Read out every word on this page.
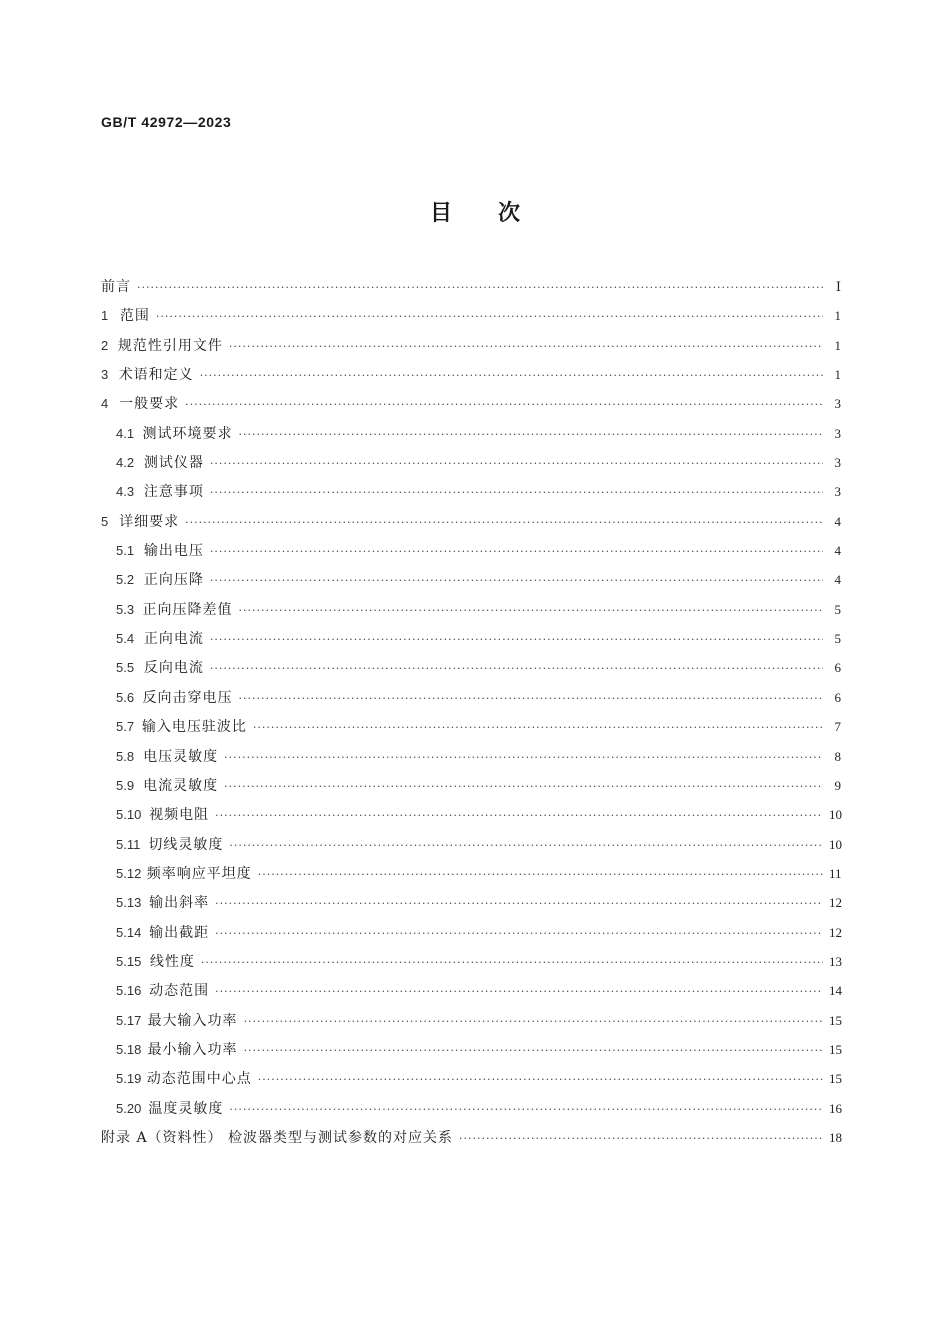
GB/T 42972—2023
目 次
前言 ·····	Ⅰ
1 范围 ·····	1
2 规范性引用文件 ·····	1
3 术语和定义 ·····	1
4 一般要求 ·····	3
4.1 测试环境要求 ·····	3
4.2 测试仪器 ·····	3
4.3 注意事项 ·····	3
5 详细要求 ·····	4
5.1 输出电压 ·····	4
5.2 正向压降 ·····	4
5.3 正向压降差值 ·····	5
5.4 正向电流 ·····	5
5.5 反向电流 ·····	6
5.6 反向击穿电压 ·····	6
5.7 输入电压驻波比 ·····	7
5.8 电压灵敏度 ·····	8
5.9 电流灵敏度 ·····	9
5.10 视频电阻 ·····	10
5.11 切线灵敏度 ·····	10
5.12 频率响应平坦度 ·····	11
5.13 输出斜率 ·····	12
5.14 输出截距 ·····	12
5.15 线性度 ·····	13
5.16 动态范围 ·····	14
5.17 最大输入功率 ·····	15
5.18 最小输入功率 ·····	15
5.19 动态范围中心点 ·····	15
5.20 温度灵敏度 ·····	16
附录 A（资料性） 检波器类型与测试参数的对应关系 ·····	18
